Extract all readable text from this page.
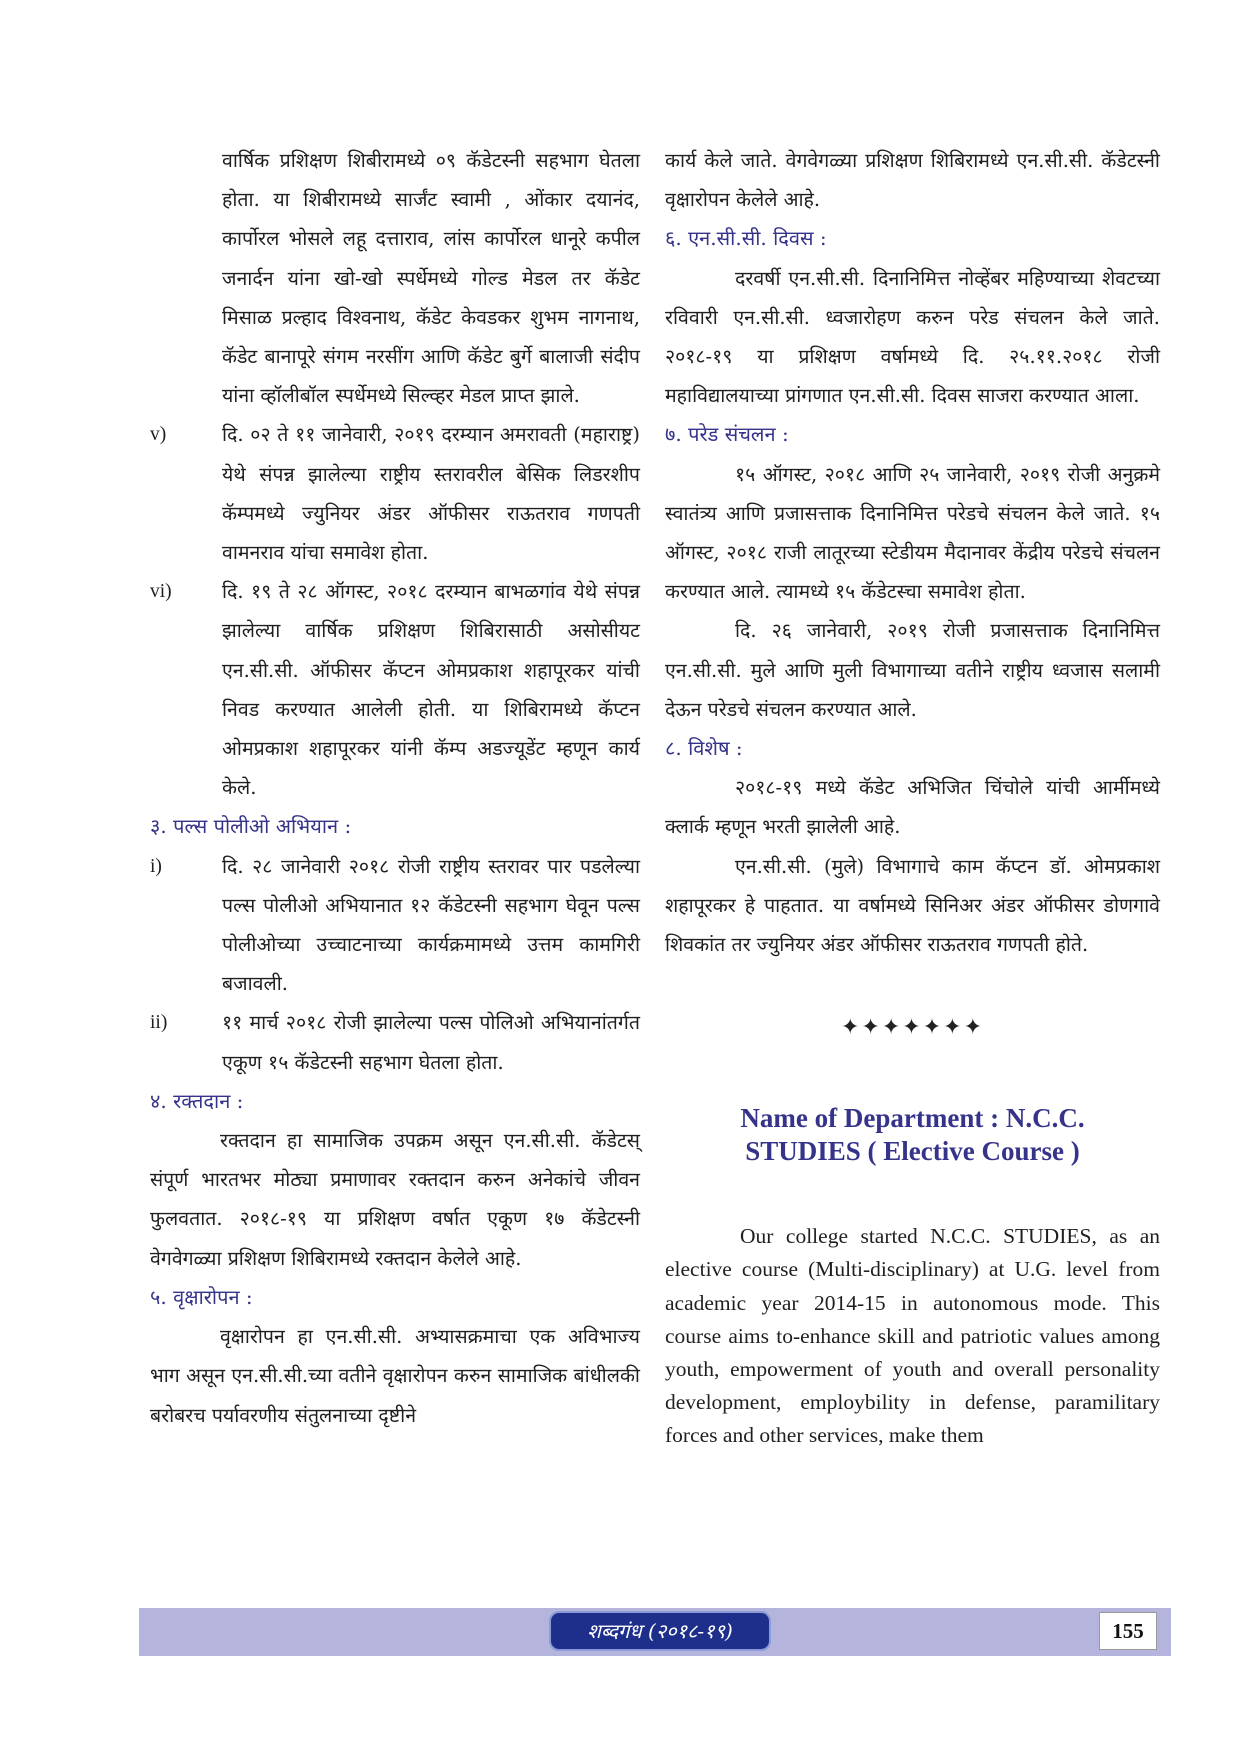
वार्षिक प्रशिक्षण शिबीरामध्ये ०९ कॅडेटस्नी सहभाग घेतला होता. या शिबीरामध्ये सार्जंट स्वामी , ओंकार दयानंद, कार्पोरल भोसले लहू दत्ताराव, लांस कार्पोरल धानूरे कपील जनार्दन यांना खो-खो स्पर्धेमध्ये गोल्ड मेडल तर कॅडेट मिसाळ प्रल्हाद विश्वनाथ, कॅडेट केवडकर शुभम नागनाथ, कॅडेट बानापूरे संगम नरसींग आणि कॅडेट बुर्गे बालाजी संदीप यांना व्हॉलीबॉल स्पर्धेमध्ये सिल्व्हर मेडल प्राप्त झाले.

v)	दि. ०२ ते ११ जानेवारी, २०१९ दरम्यान अमरावती (महाराष्ट्र) येथे संपन्न झालेल्या राष्ट्रीय स्तरावरील बेसिक लिडरशीप कॅम्पमध्ये ज्युनियर अंडर ऑफीसर राऊतराव गणपती वामनराव यांचा समावेश होता.
vi)	दि. १९ ते २८ ऑगस्ट, २०१८ दरम्यान बाभळगांव येथे संपन्न झालेल्या वार्षिक प्रशिक्षण शिबिरासाठी असोसीयट एन.सी.सी. ऑफीसर कॅप्टन ओमप्रकाश शहापूरकर यांची निवड करण्यात आलेली होती. या शिबिरामध्ये कॅप्टन ओमप्रकाश शहापूरकर यांनी कॅम्प अडज्यूडेंट म्हणून कार्य केले.

३. पल्स पोलीओ अभियान :

i)	दि. २८ जानेवारी २०१८ रोजी राष्ट्रीय स्तरावर पार पडलेल्या पल्स पोलीओ अभियानात १२ कॅडेटस्नी सहभाग घेवून पल्स पोलीओच्या उच्चाटनाच्या कार्यक्रमामध्ये उत्तम कामगिरी बजावली.
ii)	११ मार्च २०१८ रोजी झालेल्या पल्स पोलिओ अभियानांतर्गत एकूण १५ कॅडेटस्नी सहभाग घेतला होता.

४. रक्तदान :

रक्तदान हा सामाजिक उपक्रम असून एन.सी.सी. कॅडेटस् संपूर्ण भारतभर मोठ्या प्रमाणावर रक्तदान करुन अनेकांचे जीवन फुलवतात. २०१८-१९ या प्रशिक्षण वर्षात एकूण १७ कॅडेटस्नी वेगवेगळ्या प्रशिक्षण शिबिरामध्ये रक्तदान केलेले आहे.

५. वृक्षारोपन :

वृक्षारोपन हा एन.सी.सी. अभ्यासक्रमाचा एक अविभाज्य भाग असून एन.सी.सी.च्या वतीने वृक्षारोपन करुन सामाजिक बांधीलकी बरोबरच पर्यावरणीय संतुलनाच्या दृष्टीने

कार्य केले जाते. वेगवेगळ्या प्रशिक्षण शिबिरामध्ये एन.सी.सी. कॅडेटस्नी वृक्षारोपन केलेले आहे.

६. एन.सी.सी. दिवस :

दरवर्षी एन.सी.सी. दिनानिमित्त नोव्हेंबर महिण्याच्या शेवटच्या रविवारी एन.सी.सी. ध्वजारोहण करुन परेड संचलन केले जाते. २०१८-१९ या प्रशिक्षण वर्षामध्ये दि. २५.११.२०१८ रोजी महाविद्यालयाच्या प्रांगणात एन.सी.सी. दिवस साजरा करण्यात आला.

७. परेड संचलन :

१५ ऑगस्ट, २०१८ आणि २५ जानेवारी, २०१९ रोजी अनुक्रमे स्वातंत्र्य आणि प्रजासत्ताक दिनानिमित्त परेडचे संचलन केले जाते. १५ ऑगस्ट, २०१८ राजी लातूरच्या स्टेडीयम मैदानावर केंद्रीय परेडचे संचलन करण्यात आले. त्यामध्ये १५ कॅडेटस्चा समावेश होता.

दि. २६ जानेवारी, २०१९ रोजी प्रजासत्ताक दिनानिमित्त एन.सी.सी. मुले आणि मुली विभागाच्या वतीने राष्ट्रीय ध्वजास सलामी देऊन परेडचे संचलन करण्यात आले.

८. विशेष :

२०१८-१९ मध्ये कॅडेट अभिजित चिंचोले यांची आर्मीमध्ये क्लार्क म्हणून भरती झालेली आहे.

एन.सी.सी. (मुले) विभागाचे काम कॅप्टन डॉ. ओमप्रकाश शहापूरकर हे पाहतात. या वर्षामध्ये सिनिअर अंडर ऑफीसर डोणगावे शिवकांत तर ज्युनियर अंडर ऑफीसर राऊतराव गणपती होते.

✦✦✦✦✦✦✦
Name of Department : N.C.C.
STUDIES ( Elective Course )

Our college started N.C.C. STUDIES, as an elective course (Multi-disciplinary) at U.G. level from academic year 2014-15 in autonomous mode. This course aims to-enhance skill and patriotic values among youth, empowerment of youth and overall personality development, employbility in defense, paramilitary forces and other services, make them

शब्दगंध (२०१८-१९)	155
